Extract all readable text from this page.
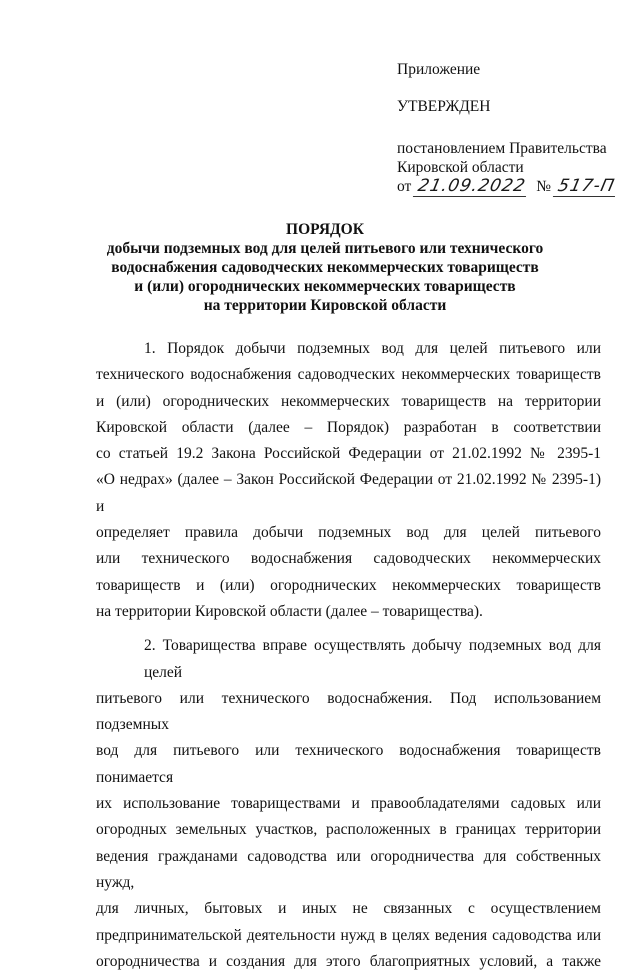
Приложение
УТВЕРЖДЕН
постановлением Правительства
Кировской области
от 21.09.2022 № 517-П
ПОРЯДОК
добычи подземных вод для целей питьевого или технического
водоснабжения садоводческих некоммерческих товариществ
и (или) огороднических некоммерческих товариществ
на территории Кировской области
1. Порядок добычи подземных вод для целей питьевого или
технического водоснабжения садоводческих некоммерческих товариществ
и (или) огороднических некоммерческих товариществ на территории
Кировской области (далее – Порядок) разработан в соответствии
со статьей 19.2 Закона Российской Федерации от 21.02.1992 № 2395-1
«О недрах» (далее – Закон Российской Федерации от 21.02.1992 № 2395-1) и
определяет правила добычи подземных вод для целей питьевого
или технического водоснабжения садоводческих некоммерческих
товариществ и (или) огороднических некоммерческих товариществ
на территории Кировской области (далее – товарищества).
2. Товарищества вправе осуществлять добычу подземных вод для целей
питьевого или технического водоснабжения. Под использованием подземных
вод для питьевого или технического водоснабжения товариществ понимается
их использование товариществами и правообладателями садовых или
огородных земельных участков, расположенных в границах территории
ведения гражданами садоводства или огородничества для собственных нужд,
для личных, бытовых и иных не связанных с осуществлением
предпринимательской деятельности нужд в целях ведения садоводства или
огородничества и создания для этого благоприятных условий, а также
